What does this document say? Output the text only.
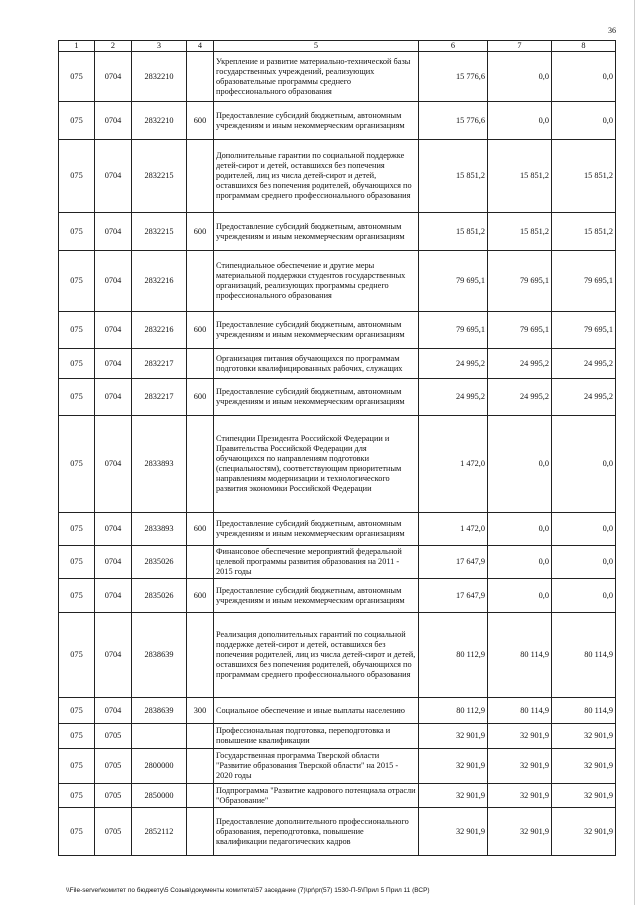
36
1	2	3	4	5	6	7	8
075	0704	2832210		Укрепление и развитие материально-технической базы государственных учреждений, реализующих образовательные программы среднего профессионального образования	15 776,6	0,0	0,0
075	0704	2832210	600	Предоставление субсидий бюджетным, автономным учреждениям и иным некоммерческим организациям	15 776,6	0,0	0,0
075	0704	2832215		Дополнительные гарантии по социальной поддержке детей-сирот и детей, оставшихся без попечения родителей, лиц из числа детей-сирот и детей, оставшихся без попечения родителей, обучающихся по программам среднего профессионального образования	15 851,2	15 851,2	15 851,2
075	0704	2832215	600	Предоставление субсидий бюджетным, автономным учреждениям и иным некоммерческим организациям	15 851,2	15 851,2	15 851,2
075	0704	2832216		Стипендиальное обеспечение и другие меры материальной поддержки студентов государственных организаций, реализующих программы среднего профессионального образования	79 695,1	79 695,1	79 695,1
075	0704	2832216	600	Предоставление субсидий бюджетным, автономным учреждениям и иным некоммерческим организациям	79 695,1	79 695,1	79 695,1
075	0704	2832217		Организация питания обучающихся по программам подготовки квалифицированных рабочих, служащих	24 995,2	24 995,2	24 995,2
075	0704	2832217	600	Предоставление субсидий бюджетным, автономным учреждениям и иным некоммерческим организациям	24 995,2	24 995,2	24 995,2
075	0704	2833893		Стипендии Президента Российской Федерации и Правительства Российской Федерации для обучающихся по направлениям подготовки (специальностям), соответствующим приоритетным направлениям модернизации и технологического развития экономики Российской Федерации	1 472,0	0,0	0,0
075	0704	2833893	600	Предоставление субсидий бюджетным, автономным учреждениям и иным некоммерческим организациям	1 472,0	0,0	0,0
075	0704	2835026		Финансовое обеспечение мероприятий федеральной целевой программы развития образования на 2011 - 2015 годы	17 647,9	0,0	0,0
075	0704	2835026	600	Предоставление субсидий бюджетным, автономным учреждениям и иным некоммерческим организациям	17 647,9	0,0	0,0
075	0704	2838639		Реализация дополнительных гарантий по социальной поддержке детей-сирот и детей, оставшихся без попечения родителей, лиц из числа детей-сирот и детей, оставшихся без попечения родителей, обучающихся по программам среднего профессионального образования	80 112,9	80 114,9	80 114,9
075	0704	2838639	300	Социальное обеспечение и иные выплаты населению	80 112,9	80 114,9	80 114,9
075	0705			Профессиональная подготовка, переподготовка и повышение квалификации	32 901,9	32 901,9	32 901,9
075	0705	2800000		Государственная программа Тверской области "Развитие образования Тверской области" на 2015 - 2020 годы	32 901,9	32 901,9	32 901,9
075	0705	2850000		Подпрограмма "Развитие кадрового потенциала отрасли "Образование"	32 901,9	32 901,9	32 901,9
075	0705	2852112		Предоставление дополнительного профессионального образования, переподготовка, повышение квалификации педагогических кадров	32 901,9	32 901,9	32 901,9
\\File-server\комитет по бюджету\5 Созыв\документы комитета\57 заседание (7)\pr\pr(57) 1530-П-5\Прил 5 Прил 11 (ВСР)
